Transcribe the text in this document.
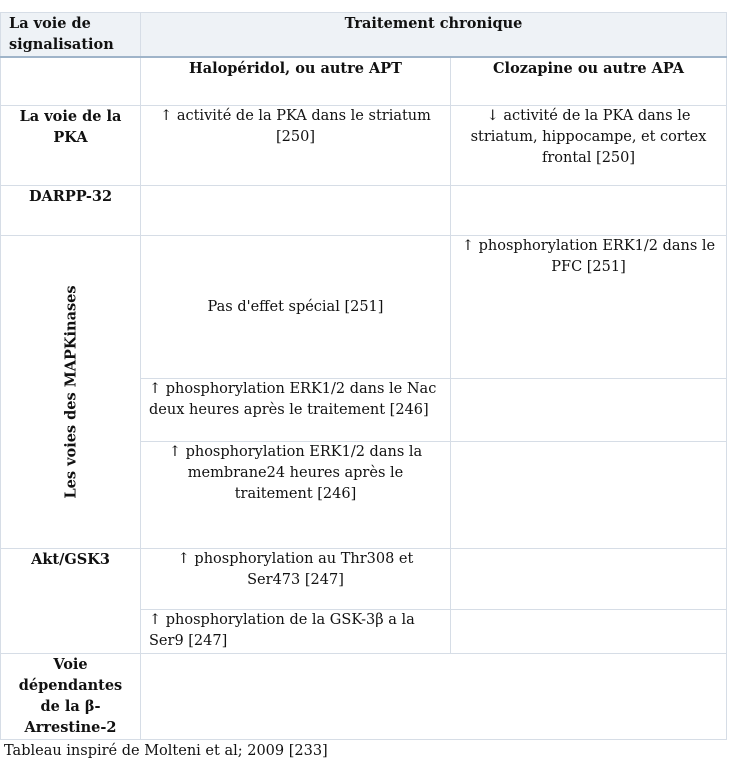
La voie de signalisation	Traitement chronique	
	Halopéridol, ou autre APT	Clozapine ou autre APA
La voie de la PKA	↑ activité de la PKA dans le striatum [250]	↓ activité de la PKA dans le striatum, hippocampe, et cortex frontal [250]
DARPP-32		

Les voies des MAPKinases	Pas d'effet spécial [251]	↑ phosphorylation ERK1/2 dans le PFC [251]
	↑ phosphorylation ERK1/2 dans le Nac deux heures après le traitement [246]	
	↑ phosphorylation ERK1/2 dans la membrane24 heures après le traitement [246]	
Akt/GSK3	↑ phosphorylation au Thr308 et Ser473 [247]	
	↑ phosphorylation de la GSK-3β a la Ser9 [247]	
Voie dépendantes de la β-Arrestine-2		
Tableau inspiré de Molteni et al; 2009 [233]
